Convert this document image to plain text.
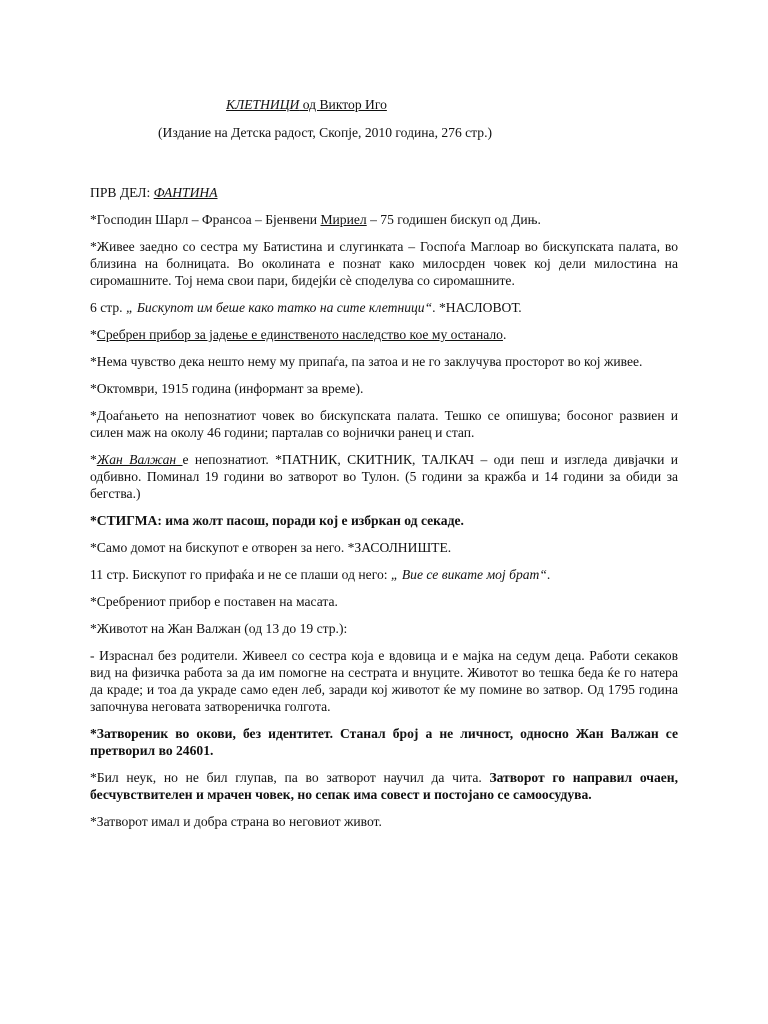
КЛЕТНИЦИ од Виктор Иго
(Издание на Детска радост, Скопје, 2010 година, 276 стр.)

ПРВ ДЕЛ: ФАНТИНА

*Господин Шарл – Франсоа – Бјенвени Мириел – 75 годишен бискуп од Дињ.

*Живее заедно со сестра му Батистина и слугинката – Госпоѓа Маглоар во бискупската палата, во близина на болницата. Во околината е познат како милосрден човек кој дели милостина на сиромашните. Тој нема свои пари, бидејќи сè споделува со сиромашните.

6 стр. „ Бискупот им беше како татко на сите клетници“. *НАСЛОВОТ.

*Сребрен прибор за јадење е единственото наследство кое му останало.

*Нема чувство дека нешто нему му припаѓа, па затоа и не го заклучува просторот во кој живее.

*Октомври, 1915 година (информант за време).

*Доаѓањето на непознатиот човек во бискупската палата. Тешко се опишува; босоног развиен и силен маж на околу 46 години; парталав со војнички ранец и стап.

*Жан Валжан е непознатиот. *ПАТНИК, СКИТНИК, ТАЛКАЧ – оди пеш и изгледа дивјачки и одбивно. Поминал 19 години во затворот во Тулон. (5 години за кражба и 14 години за обиди за бегства.)

*СТИГМА: има жолт пасош, поради кој е избркан од секаде.

*Само домот на бискупот е отворен за него. *ЗАСОЛНИШТЕ.

11 стр. Бискупот го прифаќа и не се плаши од него: „ Вие се викате мој брат“.

*Сребрениот прибор е поставен на масата.

*Животот на Жан Валжан (од 13 до 19 стр.):

- Израснал без родители. Живеел со сестра која е вдовица и е мајка на седум деца. Работи секаков вид на физичка работа за да им помогне на сестрата и внуците. Животот во тешка беда ќе го натера да краде; и тоа да украде само еден леб, заради кој животот ќе му помине во затвор. Од 1795 година започнува неговата затвореничка голгота.

*Затвореник во окови, без идентитет. Станал број а не личност, односно Жан Валжан се претворил во 24601.

*Бил неук, но не бил глупав, па во затворот научил да чита. Затворот го направил очаен, бесчувствителен и мрачен човек, но сепак има совест и постојано се самоосудува.

*Затворот имал и добра страна во неговиот живот.
